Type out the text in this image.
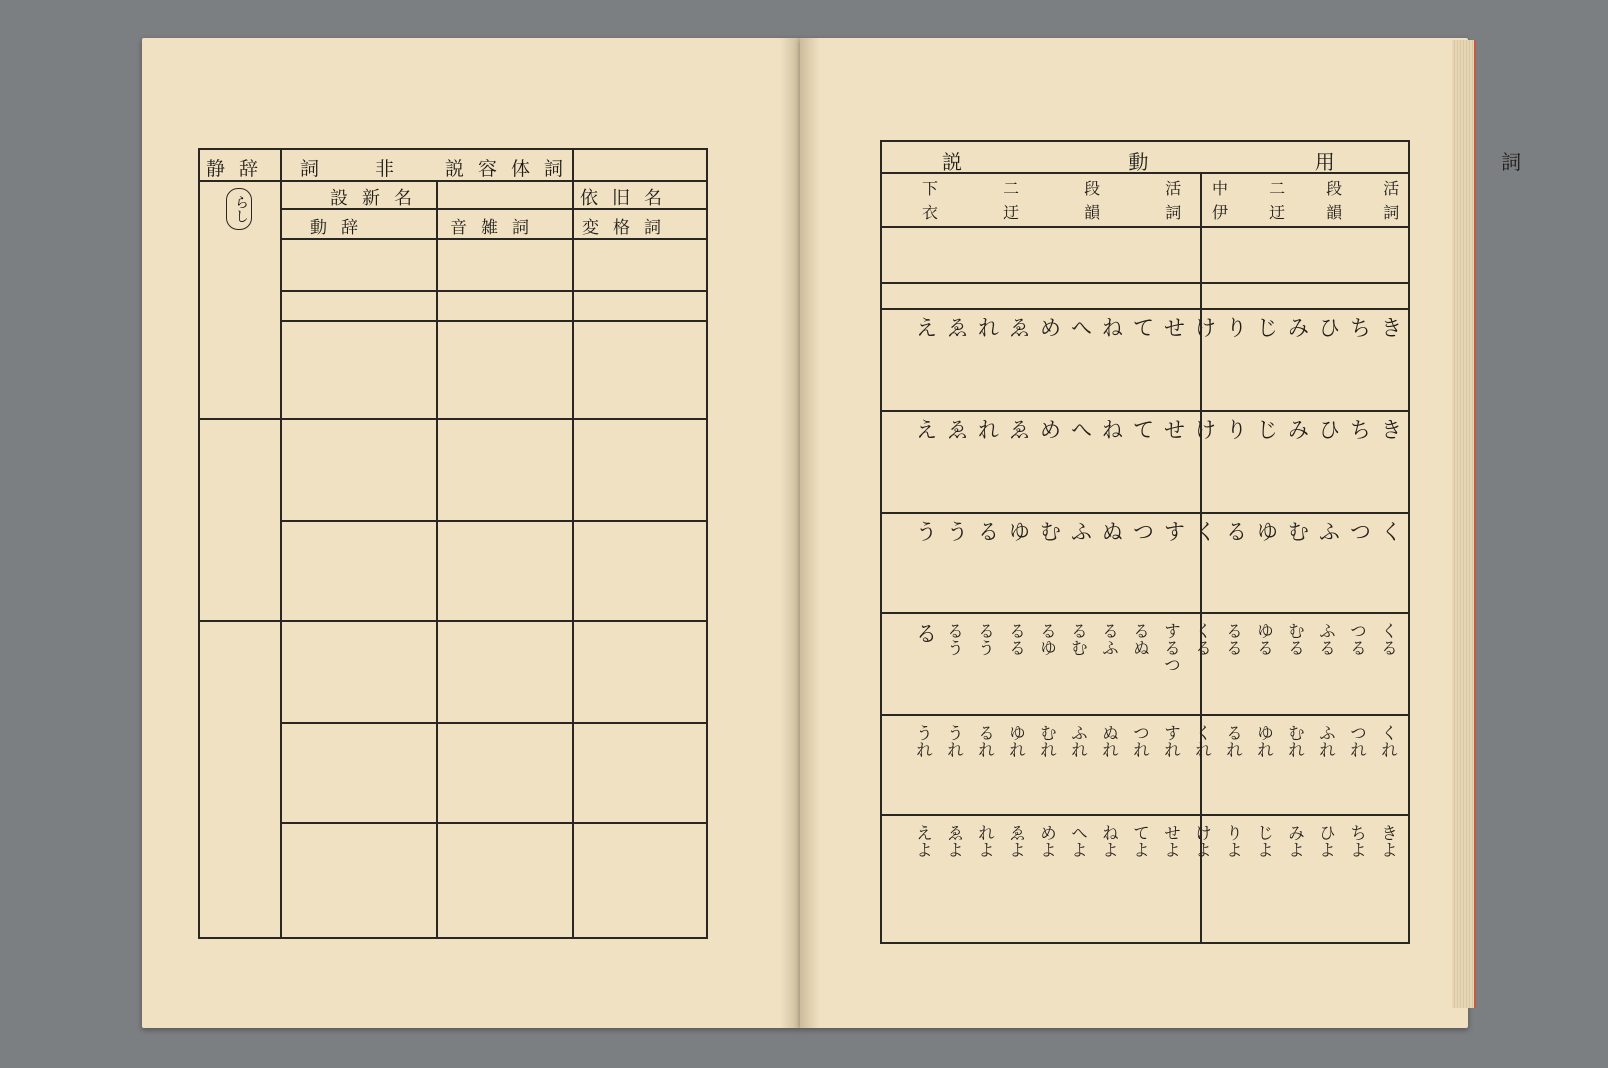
静辞	説容体詞
非
詞
依旧名
設新名
変格詞
音雑詞
動辞
らし
説 動 用 詞
中 二 段 活
伊 迂 韻 詞
下 二 段 活
衣 迂 韻 詞
き
ち
ひ
み
じ
り
け
せ
て
ね
へ
め
ゑ
れ
ゑ
え
き
ち
ひ
み
じ
り
け
せ
て
ね
へ
め
ゑ
れ
ゑ
え
く
つ
ふ
む
ゆ
る
く
す
つ
ぬ
ふ
む
ゆ
る
う
う
くる
つる
ふる
むる
ゆる
るる
くる
するつ
るぬ
るふ
るむ
るゆ
るる
るう
るう
る
くれ
つれ
ふれ
むれ
ゆれ
るれ
くれ
すれ
つれ
ぬれ
ふれ
むれ
ゆれ
るれ
うれ
うれ
きよ
ちよ
ひよ
みよ
じよ
りよ
けよ
せよ
てよ
ねよ
へよ
めよ
ゑよ
れよ
ゑよ
えよ
